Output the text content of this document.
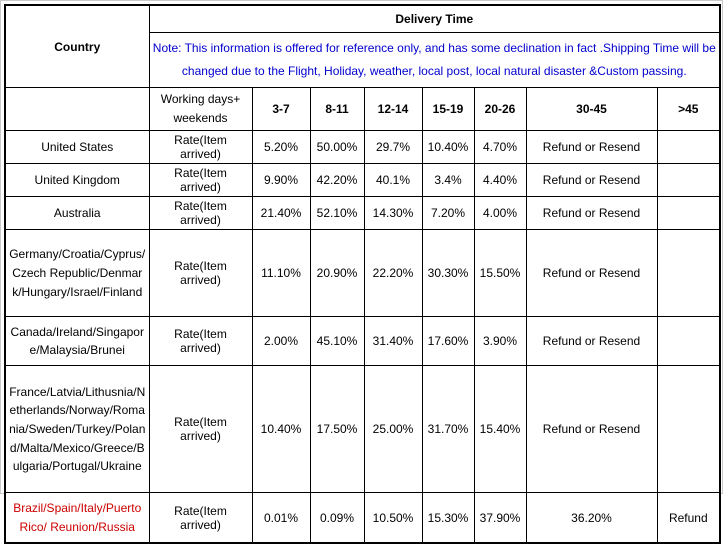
Country	Delivery Time							

	Note: This information is offered for reference only, and has some declination in fact .Shipping Time will be
changed due to the Flight, Holiday, weather, local post, local natural disaster &Custom passing.							

	Working days+ weekends	3-7	8-11	12-14	15-19	20-26	30-45	>45
United States	Rate(Item arrived)	5.20%	50.00%	29.7%	10.40%	4.70%	Refund or Resend	
United Kingdom	Rate(Item arrived)	9.90%	42.20%	40.1%	3.4%	4.40%	Refund or Resend	
Australia	Rate(Item arrived)	21.40%	52.10%	14.30%	7.20%	4.00%	Refund or Resend	
Germany/Croatia/Cyprus/Czech Republic/Denmark/Hungary/Israel/Finland	Rate(Item arrived)	11.10%	20.90%	22.20%	30.30%	15.50%	Refund or Resend	
Canada/Ireland/Singapore/Malaysia/Brunei	Rate(Item arrived)	2.00%	45.10%	31.40%	17.60%	3.90%	Refund or Resend	
France/Latvia/Lithusnia/Netherlands/Norway/Romania/Sweden/Turkey/Poland/Malta/Mexico/Greece/Bulgaria/Portugal/Ukraine	Rate(Item arrived)	10.40%	17.50%	25.00%	31.70%	15.40%	Refund or Resend	
Brazil/Spain/Italy/Puerto Rico/ Reunion/Russia	Rate(Item arrived)	0.01%	0.09%	10.50%	15.30%	37.90%	36.20%	Refund
